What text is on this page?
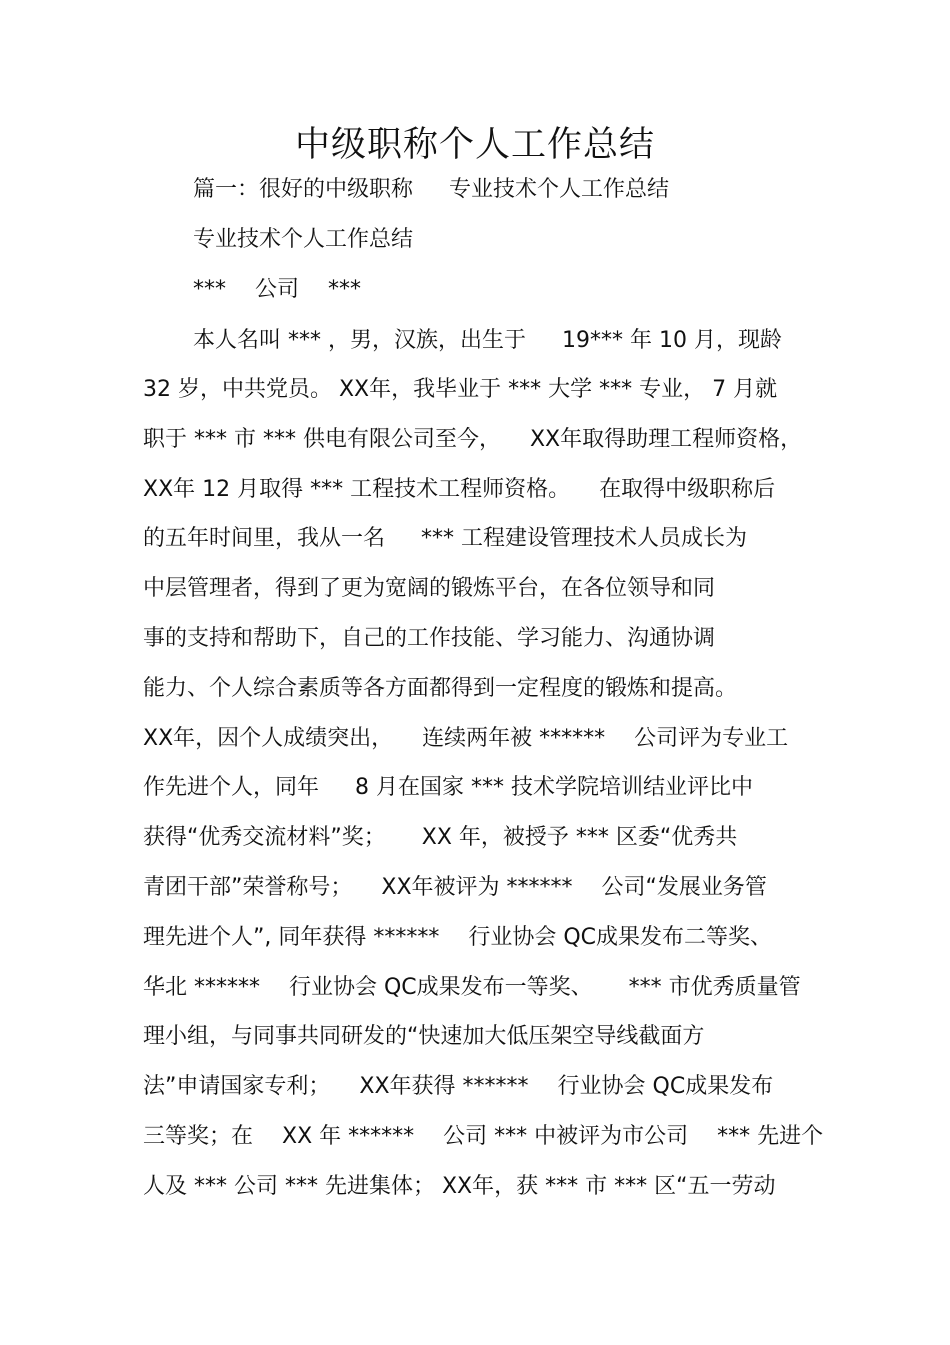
中级职称个人工作总结

篇一：很好的中级职称 　 专业技术个人工作总结

专业技术个人工作总结

*** 　公司 　***

本人名叫 *** ，男，汉族，出生于 　 19*** 年 10 月，现龄

32 岁，中共党员。 XX年，我毕业于 *** 大学 *** 专业， 7 月就

职于 *** 市 *** 供电有限公司至今， 　XX年取得助理工程师资格，

XX年 12 月取得 *** 工程技术工程师资格。 　在取得中级职称后

的五年时间里，我从一名 　 *** 工程建设管理技术人员成长为

中层管理者，得到了更为宽阔的锻炼平台，在各位领导和同

事的支持和帮助下，自己的工作技能、学习能力、沟通协调

能力、个人综合素质等各方面都得到一定程度的锻炼和提高。

XX年，因个人成绩突出， 　连续两年被 ****** 　公司评为专业工

作先进个人，同年 　 8 月在国家 *** 技术学院培训结业评比中

获得“优秀交流材料”奖； 　 XX 年，被授予 *** 区委“优秀共

青团干部”荣誉称号； 　XX年被评为 ****** 　公司“发展业务管

理先进个人”, 同年获得 ****** 　行业协会 QC成果发布二等奖、

华北 ****** 　行业协会 QC成果发布一等奖、 　 *** 市优秀质量管

理小组，与同事共同研发的“快速加大低压架空导线截面方

法”申请国家专利； 　XX年获得 ****** 　行业协会 QC成果发布

三等奖；在 　XX 年 ****** 　公司 *** 中被评为市公司 　*** 先进个

人及 *** 公司 *** 先进集体； XX年，获 *** 市 *** 区“五一劳动
